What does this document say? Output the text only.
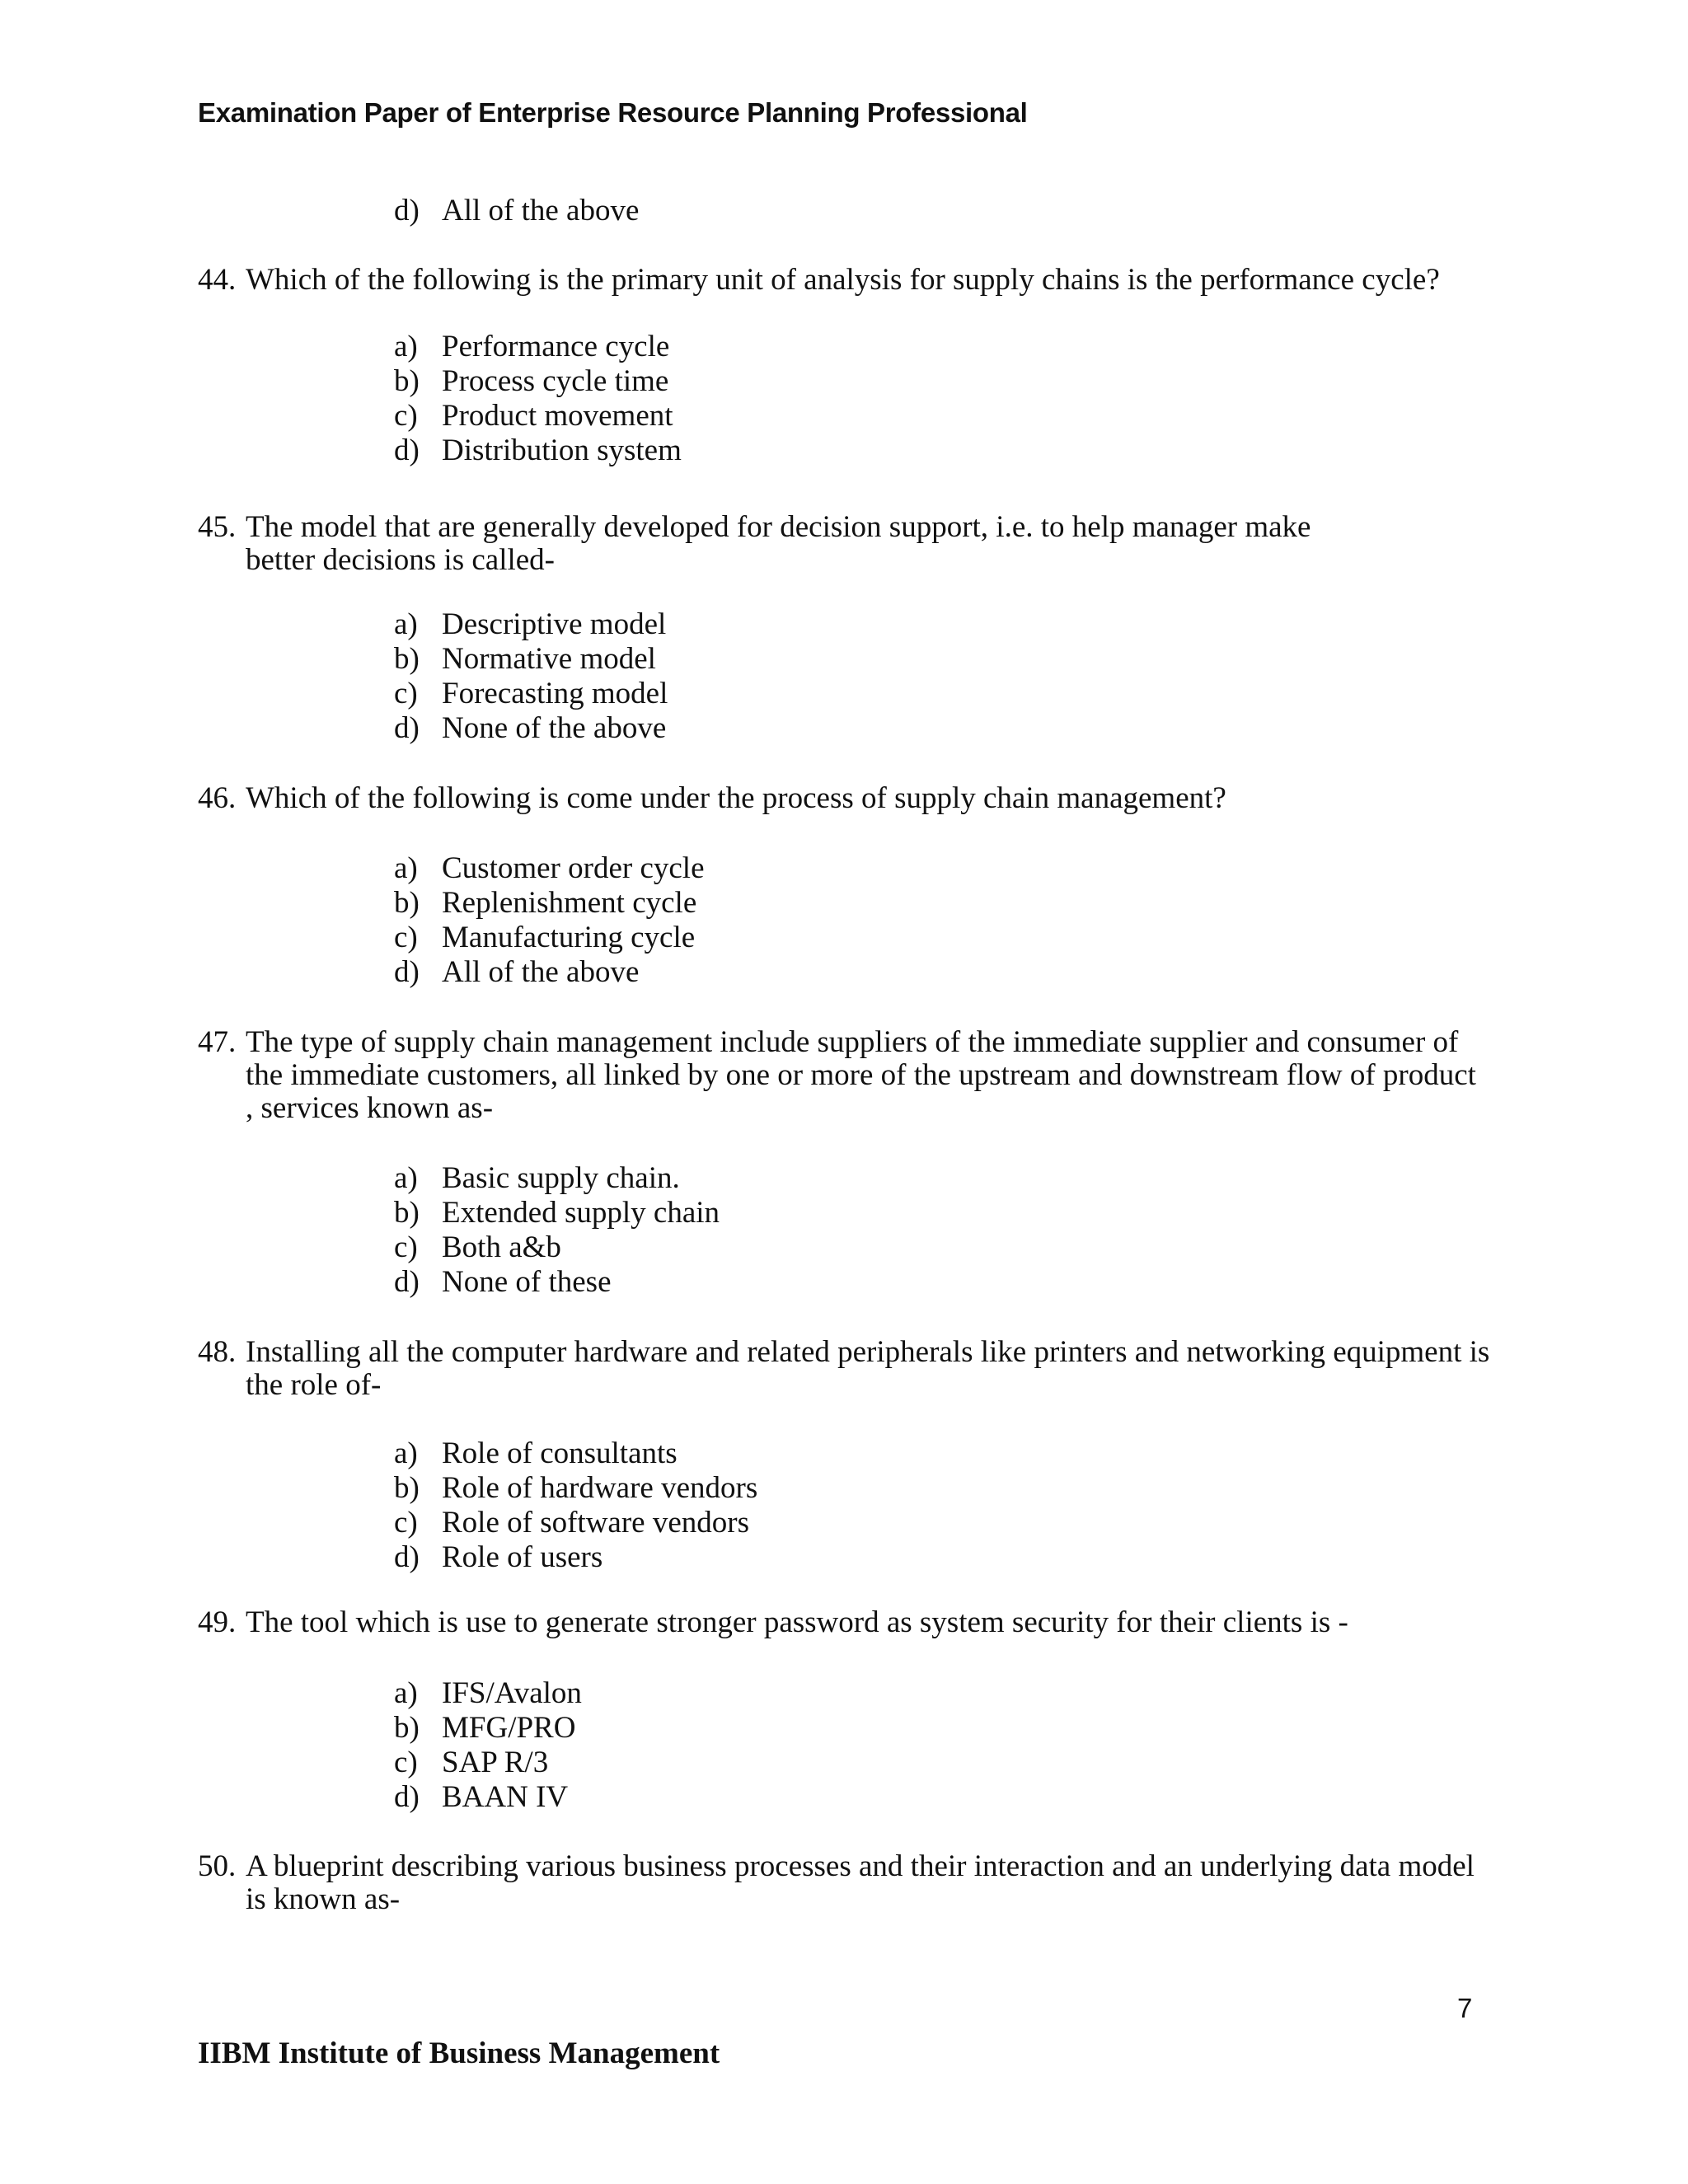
Examination Paper of Enterprise Resource Planning Professional
d) All of the above
44. Which of the following is the primary unit of analysis for supply chains is the performance cycle?
a) Performance cycle
b) Process cycle time
c) Product movement
d) Distribution system
45. The model that are generally developed for decision support, i.e. to help manager make
better decisions is called-
a) Descriptive model
b) Normative model
c) Forecasting model
d) None of the above
46. Which of the following is come under the process of supply chain management?
a) Customer order cycle
b) Replenishment cycle
c) Manufacturing cycle
d) All of the above
47. The type of supply chain management include suppliers of the immediate supplier and consumer of
the immediate customers, all linked by one or more of the upstream and downstream flow of product
, services known as-
a) Basic supply chain.
b) Extended supply chain
c) Both a&b
d) None of these
48. Installing all the computer hardware and related peripherals like printers and networking equipment is
the role of-
a) Role of consultants
b) Role of hardware vendors
c) Role of software vendors
d) Role of users
49. The tool which is use to generate stronger password as system security for their clients is -
a) IFS/Avalon
b) MFG/PRO
c) SAP R/3
d) BAAN IV
50. A blueprint describing various business processes and their interaction and an underlying data model
is known as-
7
IIBM Institute of Business Management
